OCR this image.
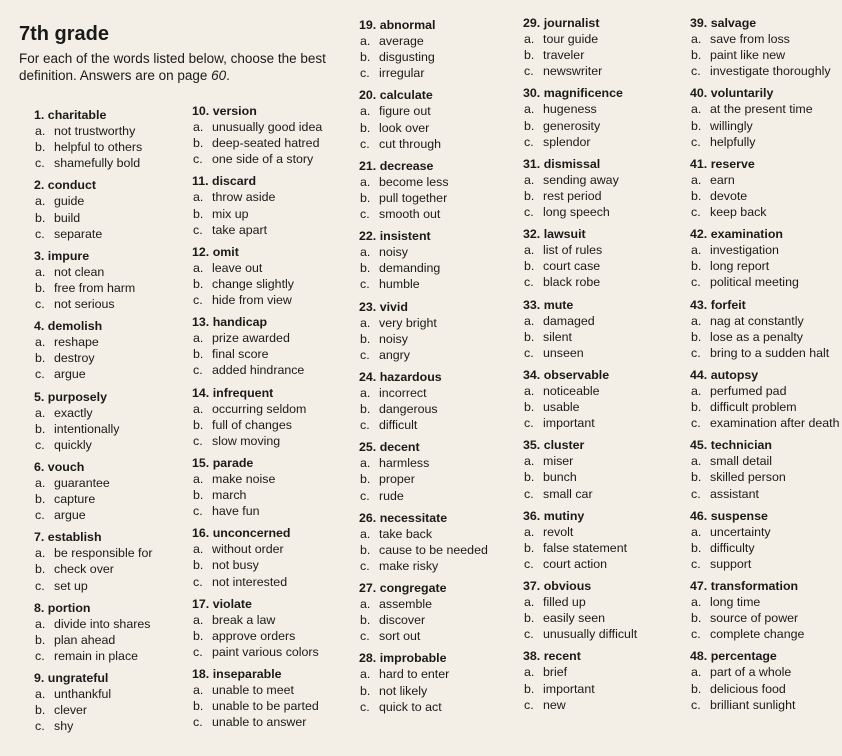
7th grade
For each of the words listed below, choose the best definition. Answers are on page 60.
1. charitable
a. not trustworthy
b. helpful to others
c. shamefully bold
2. conduct
a. guide
b. build
c. separate
3. impure
a. not clean
b. free from harm
c. not serious
4. demolish
a. reshape
b. destroy
c. argue
5. purposely
a. exactly
b. intentionally
c. quickly
6. vouch
a. guarantee
b. capture
c. argue
7. establish
a. be responsible for
b. check over
c. set up
8. portion
a. divide into shares
b. plan ahead
c. remain in place
9. ungrateful
a. unthankful
b. clever
c. shy
10. version
a. unusually good idea
b. deep-seated hatred
c. one side of a story
11. discard
a. throw aside
b. mix up
c. take apart
12. omit
a. leave out
b. change slightly
c. hide from view
13. handicap
a. prize awarded
b. final score
c. added hindrance
14. infrequent
a. occurring seldom
b. full of changes
c. slow moving
15. parade
a. make noise
b. march
c. have fun
16. unconcerned
a. without order
b. not busy
c. not interested
17. violate
a. break a law
b. approve orders
c. paint various colors
18. inseparable
a. unable to meet
b. unable to be parted
c. unable to answer
19. abnormal
a. average
b. disgusting
c. irregular
20. calculate
a. figure out
b. look over
c. cut through
21. decrease
a. become less
b. pull together
c. smooth out
22. insistent
a. noisy
b. demanding
c. humble
23. vivid
a. very bright
b. noisy
c. angry
24. hazardous
a. incorrect
b. dangerous
c. difficult
25. decent
a. harmless
b. proper
c. rude
26. necessitate
a. take back
b. cause to be needed
c. make risky
27. congregate
a. assemble
b. discover
c. sort out
28. improbable
a. hard to enter
b. not likely
c. quick to act
29. journalist
a. tour guide
b. traveler
c. newswriter
30. magnificence
a. hugeness
b. generosity
c. splendor
31. dismissal
a. sending away
b. rest period
c. long speech
32. lawsuit
a. list of rules
b. court case
c. black robe
33. mute
a. damaged
b. silent
c. unseen
34. observable
a. noticeable
b. usable
c. important
35. cluster
a. miser
b. bunch
c. small car
36. mutiny
a. revolt
b. false statement
c. court action
37. obvious
a. filled up
b. easily seen
c. unusually difficult
38. recent
a. brief
b. important
c. new
39. salvage
a. save from loss
b. paint like new
c. investigate thoroughly
40. voluntarily
a. at the present time
b. willingly
c. helpfully
41. reserve
a. earn
b. devote
c. keep back
42. examination
a. investigation
b. long report
c. political meeting
43. forfeit
a. nag at constantly
b. lose as a penalty
c. bring to a sudden halt
44. autopsy
a. perfumed pad
b. difficult problem
c. examination after death
45. technician
a. small detail
b. skilled person
c. assistant
46. suspense
a. uncertainty
b. difficulty
c. support
47. transformation
a. long time
b. source of power
c. complete change
48. percentage
a. part of a whole
b. delicious food
c. brilliant sunlight
